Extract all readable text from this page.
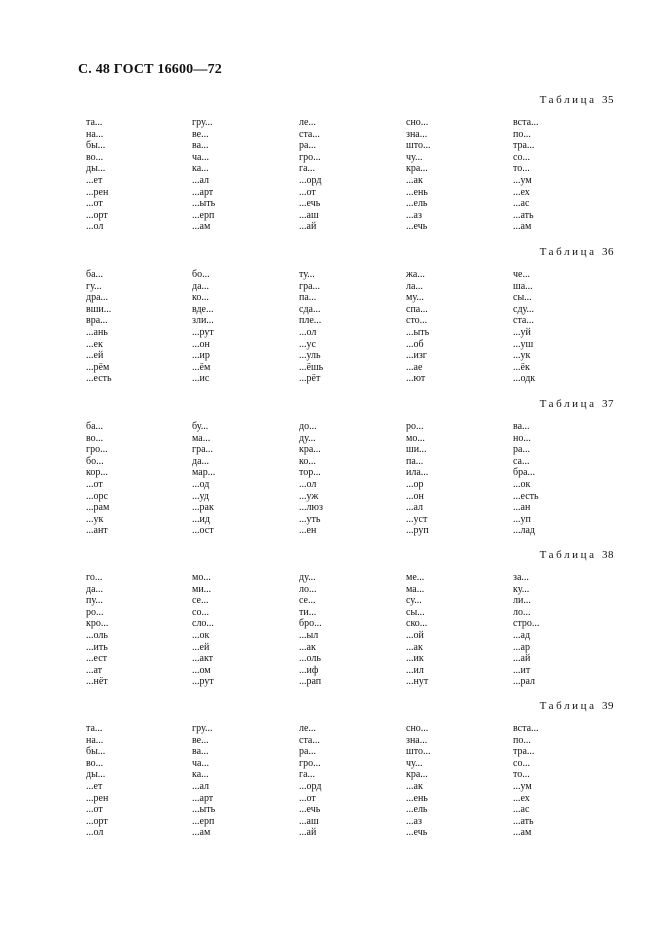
С. 48 ГОСТ 16600—72
Таблица 35
та...
на...
бы...
во...
ды...
...ет
...рен
...от
...орт
...ол
гру...
ве...
ва...
ча...
ка...
...ал
...арт
...ыть
...ерп
...ам
ле...
ста...
ра...
гро...
га...
...орд
...от
...ечь
...аш
...ай
сно...
зна...
што...
чу...
кра...
...ак
...ень
...ель
...аз
...ечь
вста...
по...
тра...
со...
то...
...ум
...ех
...ас
...ать
...ам
Таблица 36
ба...
гу...
дра...
вши...
вра...
...ань
...ек
...ей
...рём
...есть
бо...
да...
ко...
вде...
зли...
...рут
...он
...ир
...ём
...ис
ту...
гра...
па...
сда...
пле...
...ол
...ус
...уль
...ёшь
...рёт
жа...
ла...
му...
спа...
сто...
...ыть
...об
...изг
...ае
...ют
че...
ша...
сы...
сду...
ста...
...уй
...уш
...ук
...ёк
...одк
Таблица 37
ба...
во...
гро...
бо...
кор...
...от
...орс
...рам
...ук
...ант
бу...
ма...
гра...
да...
мар...
...од
...уд
...рак
...ид
...ост
до...
ду...
кра...
ко...
тор...
...ол
...уж
...люз
...уть
...ен
ро...
мо...
ши...
па...
ила...
...ор
...он
...ал
...уст
...руп
ва...
но...
ра...
са...
бра...
...ок
...есть
...ан
...уп
...лад
Таблица 38
го...
да...
пу...
ро...
кро...
...оль
...ить
...ест
...ат
...нёт
мо...
ми...
се...
со...
сло...
...ок
...ей
...акт
...ом
...рут
ду...
ло...
се...
ти...
бро...
...ыл
...ак
...оль
...иф
...рап
ме...
ма...
су...
сы...
ско...
...ой
...ак
...ик
...ил
...нут
за...
ку...
ли...
ло...
стро...
...ад
...ар
...ай
...ит
...рал
Таблица 39
та...
на...
бы...
во...
ды...
...ет
...рен
...от
...орт
...ол
гру...
ве...
ва...
ча...
ка...
...ал
...арт
...ыть
...ерп
...ам
ле...
ста...
ра...
гро...
га...
...орд
...от
...ечь
...аш
...ай
сно...
зна...
што...
чу...
кра...
...ак
...ень
...ель
...аз
...ечь
вста...
по...
тра...
со...
то...
...ум
...ех
...ас
...ать
...ам
